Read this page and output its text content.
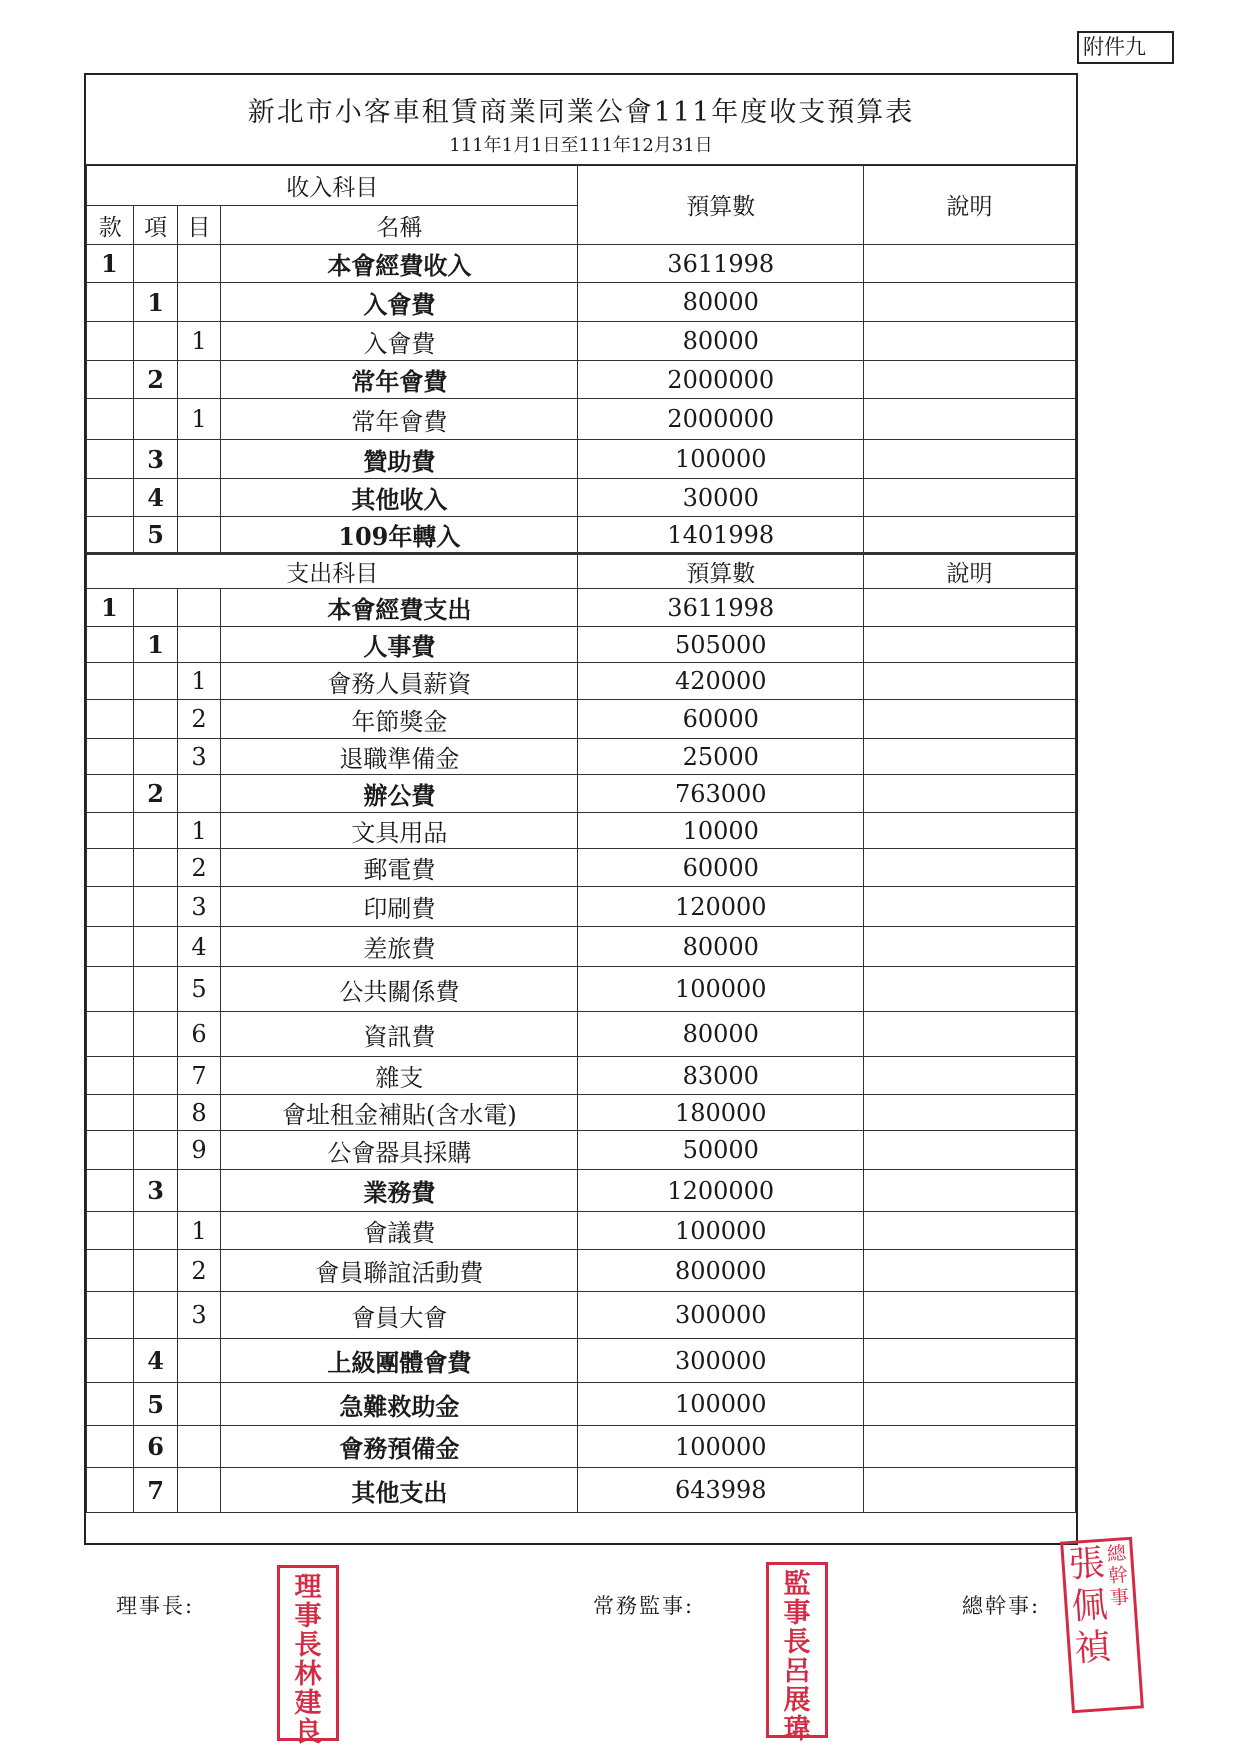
附件九
新北市小客車租賃商業同業公會111年度收支預算表
111年1月1日至111年12月31日
收入科目				預算數	說明
款	項	目	名稱		
1			本會經費收入	3611998	
	1		入會費	80000	
		1	入會費	80000	
	2		常年會費	2000000	
		1	常年會費	2000000	
	3		贊助費	100000	
	4		其他收入	30000	
	5		109年轉入	1401998	
支出科目				預算數	說明
1			本會經費支出	3611998	
	1		人事費	505000	
		1	會務人員薪資	420000	
		2	年節獎金	60000	
		3	退職準備金	25000	
	2		辦公費	763000	
		1	文具用品	10000	
		2	郵電費	60000	
		3	印刷費	120000	
		4	差旅費	80000	
		5	公共關係費	100000	
		6	資訊費	80000	
		7	雜支	83000	
		8	會址租金補貼(含水電)	180000	
		9	公會器具採購	50000	
	3		業務費	1200000	
		1	會議費	100000	
		2	會員聯誼活動費	800000	
		3	會員大會	300000	
	4		上級團體會費	300000	
	5		急難救助金	100000	
	6		會務預備金	100000	
	7		其他支出	643998	
理事長:	常務監事:	總幹事:
理
事
長
林
建
良
監
事
長
呂
展
瑋
張
佩
禎
總
幹
事
